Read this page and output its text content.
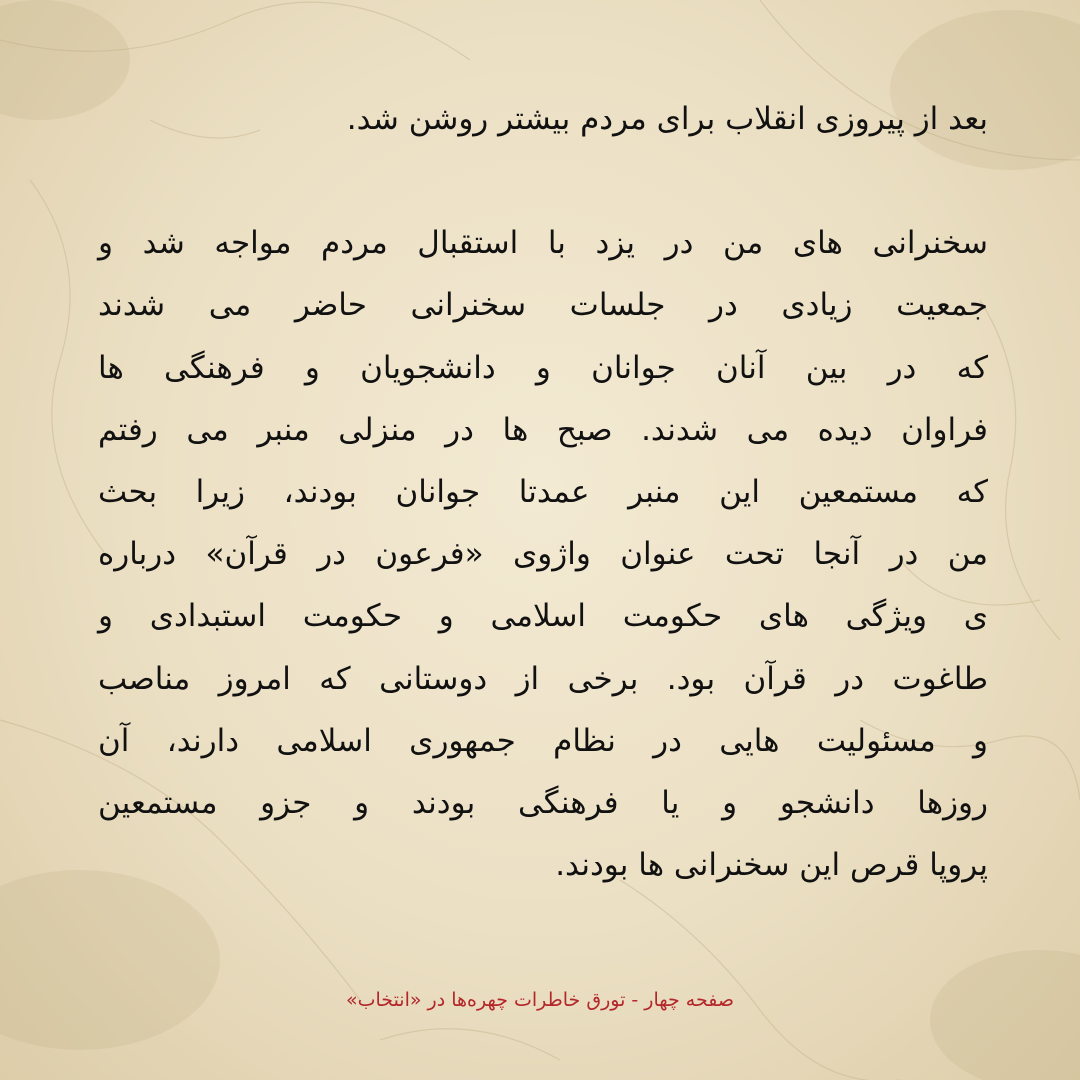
بعد از پیروزی انقلاب برای مردم بیشتر روشن شد.
سخنرانی های من در یزد با استقبال مردم مواجه شد و
جمعیت زیادی در جلسات سخنرانی حاضر می شدند
که در بین آنان جوانان و دانشجویان و فرهنگی ها
فراوان دیده می شدند. صبح ها در منزلی منبر می رفتم
که مستمعین این منبر عمدتا جوانان بودند، زیرا بحث
من در آنجا تحت عنوان واژوی «فرعون در قرآن» درباره
ی ویژگی های حکومت اسلامی و حکومت استبدادی و
طاغوت در قرآن بود. برخی از دوستانی که امروز مناصب
و مسئولیت هایی در نظام جمهوری اسلامی دارند، آن
روزها دانشجو و یا فرهنگی بودند و جزو مستمعین
پروپا قرص این سخنرانی ها بودند.
صفحه چهار - تورق خاطرات چهره‌ها در «انتخاب»
